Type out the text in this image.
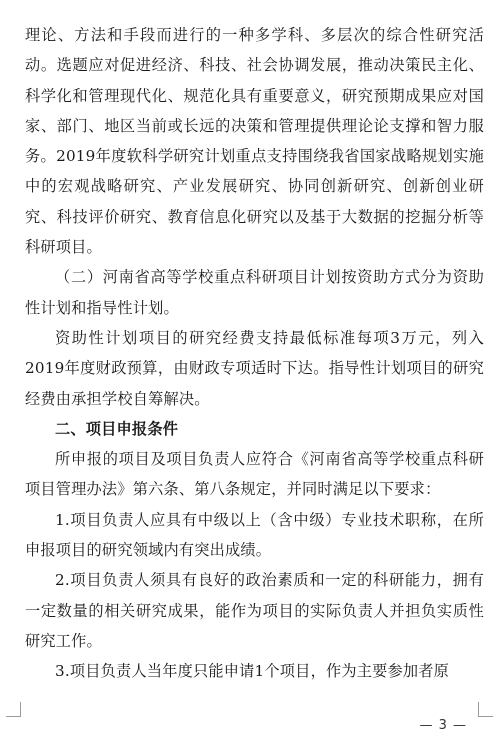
理论、方法和手段而进行的一种多学科、多层次的综合性研究活动。选题应对促进经济、科技、社会协调发展，推动决策民主化、科学化和管理现代化、规范化具有重要意义，研究预期成果应对国家、部门、地区当前或长远的决策和管理提供理论论支撑和智力服务。2019年度软科学研究计划重点支持围绕我省国家战略规划实施中的宏观战略研究、产业发展研究、协同创新研究、创新创业研究、科技评价研究、教育信息化研究以及基于大数据的挖掘分析等科研项目。

（二）河南省高等学校重点科研项目计划按资助方式分为资助性计划和指导性计划。

资助性计划项目的研究经费支持最低标准每项3万元，列入2019年度财政预算，由财政专项适时下达。指导性计划项目的研究经费由承担学校自筹解决。

二、项目申报条件

所申报的项目及项目负责人应符合《河南省高等学校重点科研项目管理办法》第六条、第八条规定，并同时满足以下要求：

1.项目负责人应具有中级以上（含中级）专业技术职称，在所申报项目的研究领域内有突出成绩。

2.项目负责人须具有良好的政治素质和一定的科研能力，拥有一定数量的相关研究成果，能作为项目的实际负责人并担负实质性研究工作。

3.项目负责人当年度只能申请1个项目，作为主要参加者原

— 3 —
